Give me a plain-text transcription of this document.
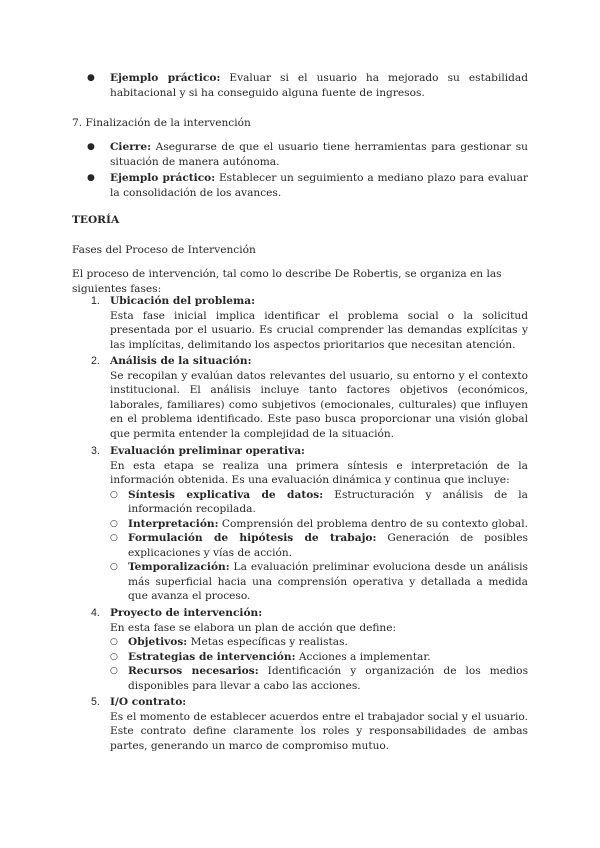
● Ejemplo práctico: Evaluar si el usuario ha mejorado su estabilidad habitacional y si ha conseguido alguna fuente de ingresos.
7. Finalización de la intervención
● Cierre: Asegurarse de que el usuario tiene herramientas para gestionar su situación de manera autónoma.
● Ejemplo práctico: Establecer un seguimiento a mediano plazo para evaluar la consolidación de los avances.
TEORÍA
Fases del Proceso de Intervención
El proceso de intervención, tal como lo describe De Robertis, se organiza en las siguientes fases:
1. Ubicación del problema:
Esta fase inicial implica identificar el problema social o la solicitud presentada por el usuario. Es crucial comprender las demandas explícitas y las implícitas, delimitando los aspectos prioritarios que necesitan atención.
2. Análisis de la situación:
Se recopilan y evalúan datos relevantes del usuario, su entorno y el contexto institucional. El análisis incluye tanto factores objetivos (económicos, laborales, familiares) como subjetivos (emocionales, culturales) que influyen en el problema identificado. Este paso busca proporcionar una visión global que permita entender la complejidad de la situación.
3. Evaluación preliminar operativa:
En esta etapa se realiza una primera síntesis e interpretación de la información obtenida. Es una evaluación dinámica y continua que incluye:
○ Síntesis explicativa de datos: Estructuración y análisis de la información recopilada.
○ Interpretación: Comprensión del problema dentro de su contexto global.
○ Formulación de hipótesis de trabajo: Generación de posibles explicaciones y vías de acción.
○ Temporalización: La evaluación preliminar evoluciona desde un análisis más superficial hacia una comprensión operativa y detallada a medida que avanza el proceso.
4. Proyecto de intervención:
En esta fase se elabora un plan de acción que define:
○ Objetivos: Metas específicas y realistas.
○ Estrategias de intervención: Acciones a implementar.
○ Recursos necesarios: Identificación y organización de los medios disponibles para llevar a cabo las acciones.
5. I/O contrato:
Es el momento de establecer acuerdos entre el trabajador social y el usuario. Este contrato define claramente los roles y responsabilidades de ambas partes, generando un marco de compromiso mutuo.
